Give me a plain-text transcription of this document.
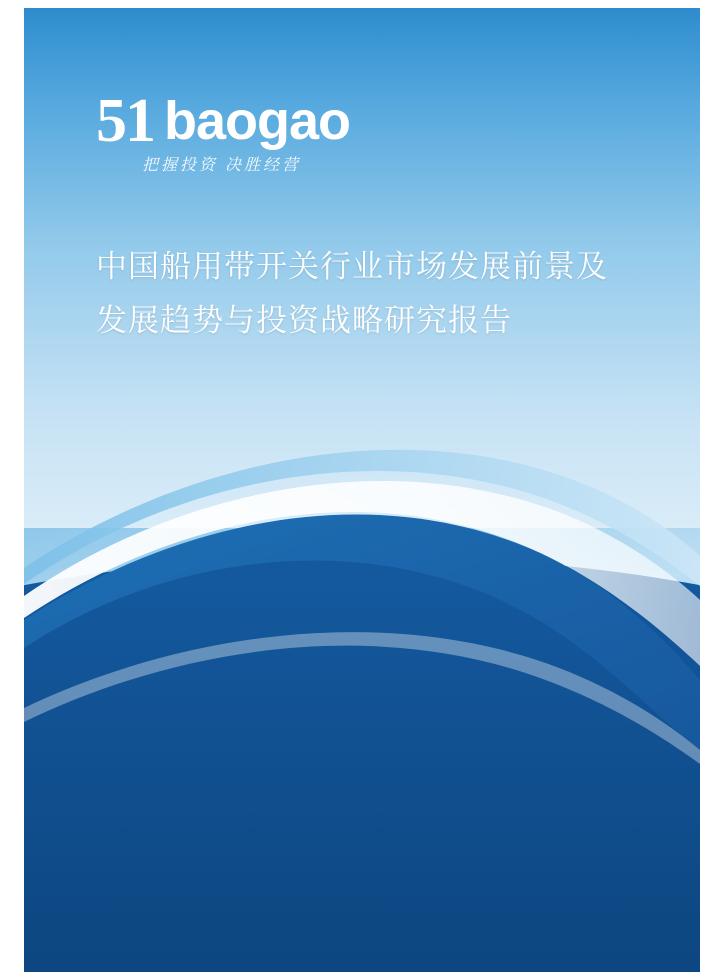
51 baogao
把握投资 决胜经营
中国船用带开关行业市场发展前景及
发展趋势与投资战略研究报告
